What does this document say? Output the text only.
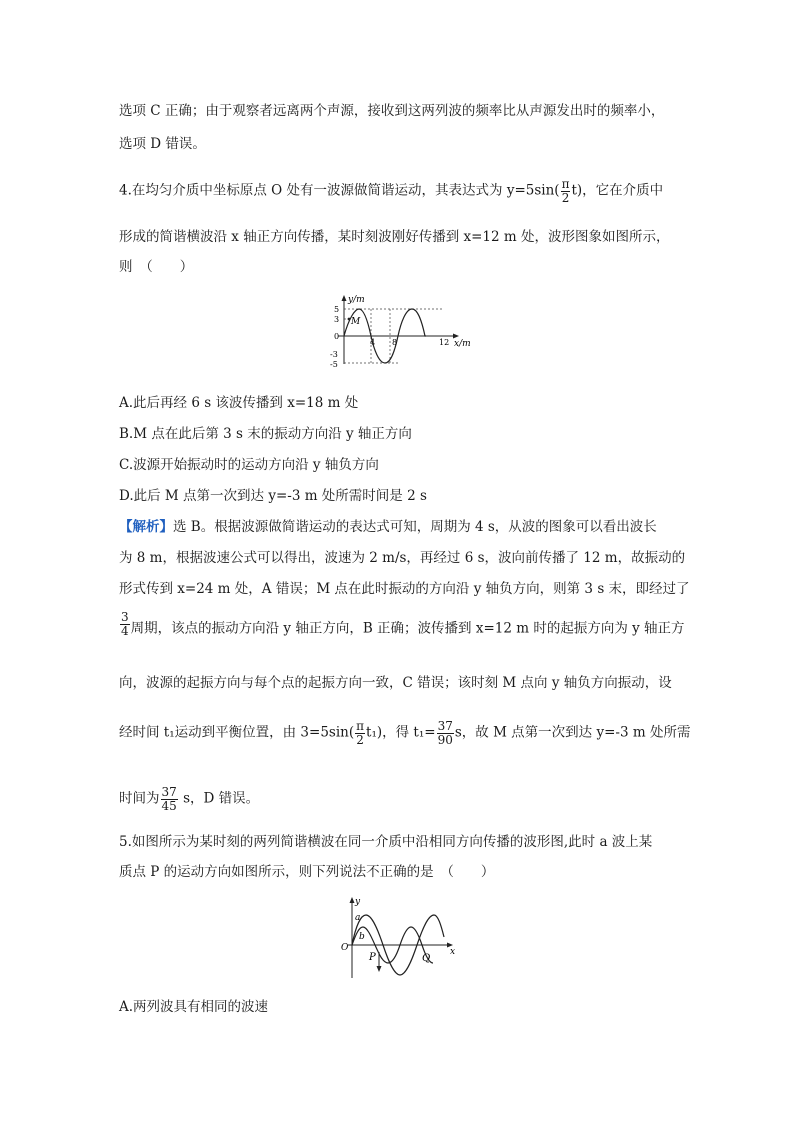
选项 C 正确；由于观察者远离两个声源，接收到这两列波的频率比从声源发出时的频率小，
选项 D 错误。
4.在均匀介质中坐标原点 O 处有一波源做简谐运动，其表达式为 $y=5\sin( \frac{\pi}{2} t)$，它在介质中
形成的简谐横波沿 x 轴正方向传播，某时刻波刚好传播到 x=12 m 处，波形图象如图所示，
则　（　　）
y/m
x/m
M
5
3
0
-3
-5
4 8	12
A.此后再经 6 s 该波传播到 x=18 m 处
B.M 点在此后第 3 s 末的振动方向沿 y 轴正方向
C.波源开始振动时的运动方向沿 y 轴负方向
D.此后 M 点第一次到达 y=-3 m 处所需时间是 2 s
【解析】选 B。根据波源做简谐运动的表达式可知，周期为 4 s，从波的图象可以看出波长
为 8 m，根据波速公式可以得出，波速为 2 m/s，再经过 6 s，波向前传播了 12 m，故振动的
形式传到 x=24 m 处，A 错误；M 点在此时振动的方向沿 y 轴负方向，则第 3 s 末，即经过了
$\frac{3}{4}$ 周期，该点的振动方向沿 y 轴正方向，B 正确；波传播到 x=12 m 时的起振方向为 y 轴正方
向，波源的起振方向与每个点的起振方向一致，C 错误；该时刻 M 点向 y 轴负方向振动，设
经时间 t₁运动到平衡位置，由 $3=5\sin( \frac{\pi}{2} t_1)$，得 $t_1= \frac{37}{90}$ s，故 M 点第一次到达 y=-3 m 处所需
时间为 $\frac{37}{45}$ s，D 错误。
5.如图所示为某时刻的两列简谐横波在同一介质中沿相同方向传播的波形图,此时 a 波上某
质点 P 的运动方向如图所示，则下列说法不正确的是　（　　）
y
x
O
a
b
P	Q
A.两列波具有相同的波速
